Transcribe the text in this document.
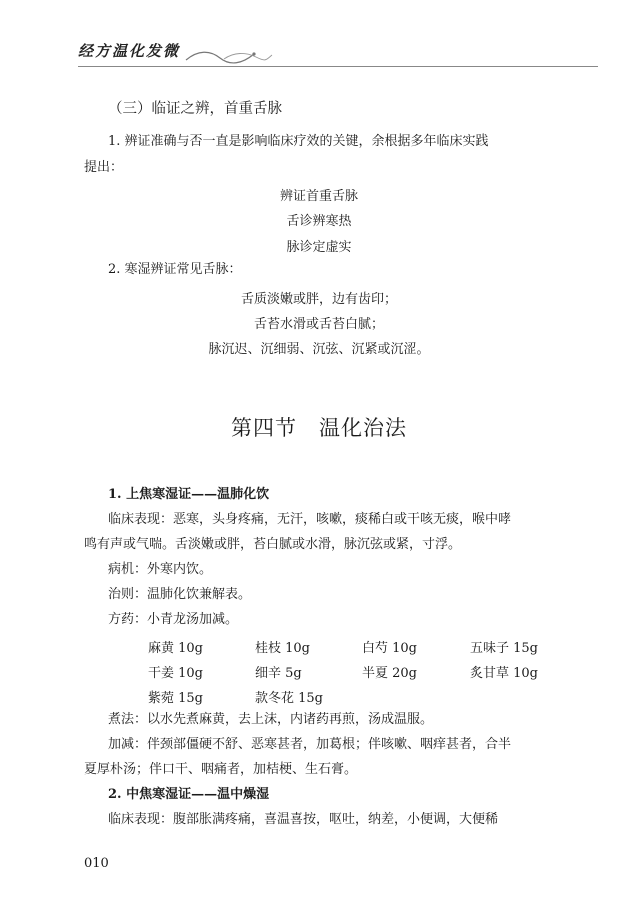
经方温化发微
（三）临证之辨，首重舌脉
1. 辨证准确与否一直是影响临床疗效的关键，余根据多年临床实践
提出：
辨证首重舌脉
舌诊辨寒热
脉诊定虚实
2. 寒湿辨证常见舌脉：
舌质淡嫩或胖，边有齿印；
舌苔水滑或舌苔白腻；
脉沉迟、沉细弱、沉弦、沉紧或沉涩。
第四节 温化治法
1. 上焦寒湿证——温肺化饮
临床表现：恶寒，头身疼痛，无汗，咳嗽，痰稀白或干咳无痰，喉中哮
鸣有声或气喘。舌淡嫩或胖，苔白腻或水滑，脉沉弦或紧，寸浮。
病机：外寒内饮。
治则：温肺化饮兼解表。
方药：小青龙汤加减。
麻黄 10g	桂枝 10g	白芍 10g	五味子 15g
干姜 10g	细辛 5g	半夏 20g	炙甘草 10g
紫菀 15g	款冬花 15g
煮法：以水先煮麻黄，去上沫，内诸药再煎，汤成温服。
加减：伴颈部僵硬不舒、恶寒甚者，加葛根；伴咳嗽、咽痒甚者，合半
夏厚朴汤；伴口干、咽痛者，加桔梗、生石膏。
2. 中焦寒湿证——温中燥湿
临床表现：腹部胀满疼痛，喜温喜按，呕吐，纳差，小便调，大便稀
010
